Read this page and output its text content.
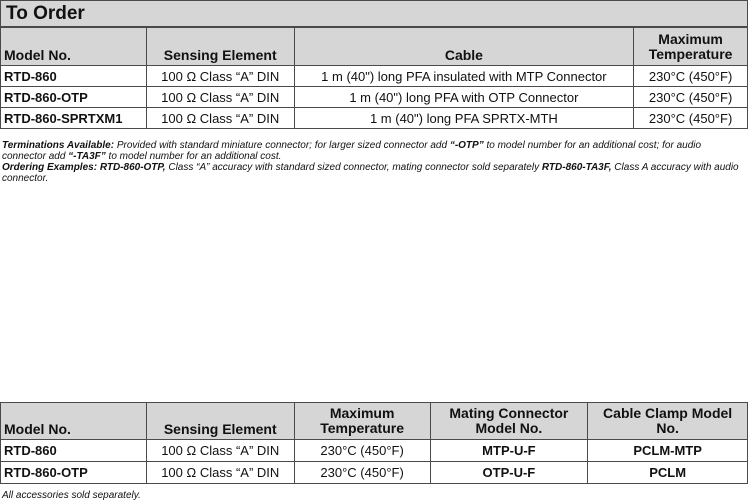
To Order
Model No.	Sensing Element	Cable	Maximum Temperature
RTD-860	100 Ω Class “A” DIN	1 m (40") long PFA insulated with MTP Connector	230°C (450°F)
RTD-860-OTP	100 Ω Class “A” DIN	1 m (40") long PFA with OTP Connector	230°C (450°F)
RTD-860-SPRTXM1	100 Ω Class “A” DIN	1 m (40") long PFA SPRTX-MTH	230°C (450°F)

Terminations Available: Provided with standard miniature connector; for larger sized connector add “-OTP” to model number for an additional cost; for audio connector add “-TA3F” to model number for an additional cost.

Ordering Examples: RTD-860-OTP, Class “A” accuracy with standard sized connector, mating connector sold separately RTD-860-TA3F, Class A accuracy with audio connector.

Model No.	Sensing Element	Maximum Temperature	Mating Connector Model No.	Cable Clamp Model No.
RTD-860	100 Ω Class “A” DIN	230°C (450°F)	MTP-U-F	PCLM-MTP
RTD-860-OTP	100 Ω Class “A” DIN	230°C (450°F)	OTP-U-F	PCLM
All accessories sold separately.
